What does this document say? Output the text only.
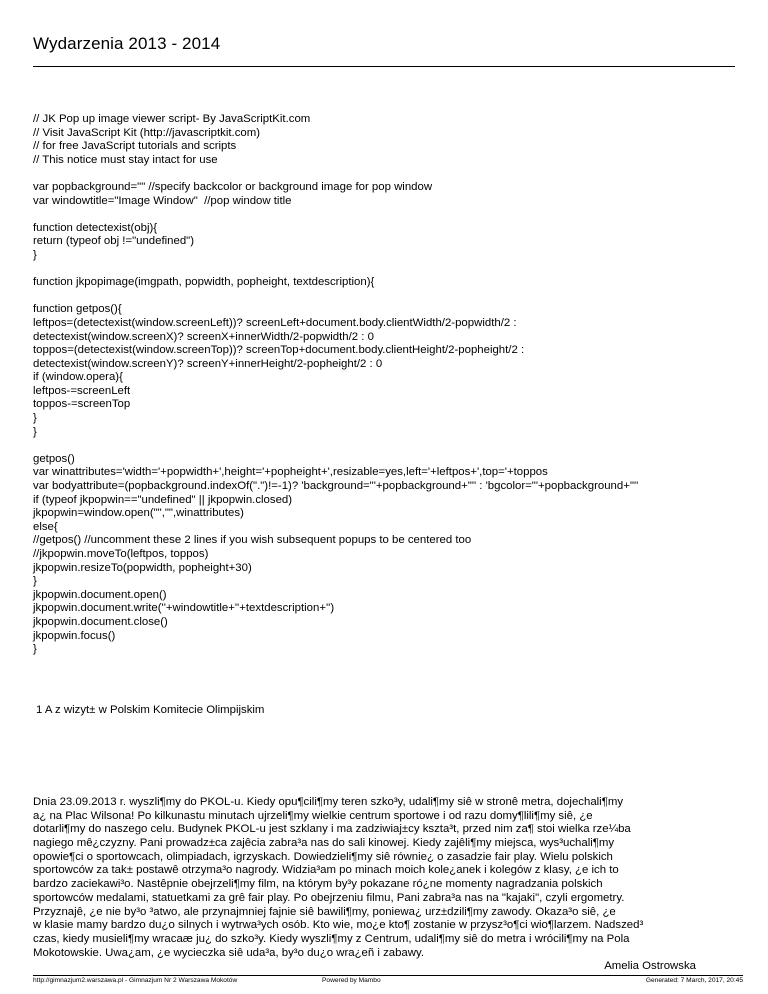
Wydarzenia 2013 - 2014
// JK Pop up image viewer script- By JavaScriptKit.com
// Visit JavaScript Kit (http://javascriptkit.com)
// for free JavaScript tutorials and scripts
// This notice must stay intact for use
var popbackground="" //specify backcolor or background image for pop window
var windowtitle="Image Window"  //pop window title
function detectexist(obj){
return (typeof obj !="undefined")
}
function jkpopimage(imgpath, popwidth, popheight, textdescription){
function getpos(){
leftpos=(detectexist(window.screenLeft))? screenLeft+document.body.clientWidth/2-popwidth/2 :
detectexist(window.screenX)? screenX+innerWidth/2-popwidth/2 : 0
toppos=(detectexist(window.screenTop))? screenTop+document.body.clientHeight/2-popheight/2 :
detectexist(window.screenY)? screenY+innerHeight/2-popheight/2 : 0
if (window.opera){
leftpos-=screenLeft
toppos-=screenTop
}
}
getpos()
var winattributes='width='+popwidth+',height='+popheight+',resizable=yes,left='+leftpos+',top='+toppos
var bodyattribute=(popbackground.indexOf(".")!=-1)? 'background="'+popbackground+'"' : 'bgcolor="'+popbackground+'"'
if (typeof jkpopwin=="undefined" || jkpopwin.closed)
jkpopwin=window.open("","",winattributes)
else{
//getpos() //uncomment these 2 lines if you wish subsequent popups to be centered too
//jkpopwin.moveTo(leftpos, toppos)
jkpopwin.resizeTo(popwidth, popheight+30)
}
jkpopwin.document.open()
jkpopwin.document.write(''+windowtitle+''+textdescription+'')
jkpopwin.document.close()
jkpopwin.focus()
}
1 A z wizyt± w Polskim Komitecie Olimpijskim
Dnia 23.09.2013 r. wyszli¶my do PKOL-u. Kiedy opu¶cili¶my teren szko³y, udali¶my siê w stronê metra, dojechali¶my
a¿ na Plac Wilsona! Po kilkunastu minutach ujrzeli¶my wielkie centrum sportowe i od razu domy¶lili¶my siê, ¿e
dotarli¶my do naszego celu. Budynek PKOL-u jest szklany i ma zadziwiaj±cy kszta³t, przed nim za¶ stoi wielka rze¼ba
nagiego mê¿czyzny. Pani prowadz±ca zajêcia zabra³a nas do sali kinowej. Kiedy zajêli¶my miejsca, wys³uchali¶my
opowie¶ci o sportowcach, olimpiadach, igrzyskach. Dowiedzieli¶my siê równie¿ o zasadzie fair play. Wielu polskich
sportowców za tak± postawê otrzyma³o nagrody. Widzia³am po minach moich kole¿anek i kolegów z klasy, ¿e ich to
bardzo zaciekawi³o. Nastêpnie obejrzeli¶my film, na którym by³y pokazane ró¿ne momenty nagradzania polskich
sportowców medalami, statuetkami za grê fair play. Po obejrzeniu filmu, Pani zabra³a nas na "kajaki", czyli ergometry.
Przyznajê, ¿e nie by³o ³atwo, ale przynajmniej fajnie siê bawili¶my, poniewa¿ urz±dzili¶my zawody. Okaza³o siê, ¿e
w klasie mamy bardzo du¿o silnych i wytrwa³ych osób. Kto wie, mo¿e kto¶ zostanie w przysz³o¶ci wio¶larzem. Nadszed³
czas, kiedy musieli¶my wracaæ ju¿ do szko³y. Kiedy wyszli¶my z Centrum, udali¶my siê do metra i wrócili¶my na Pola
Mokotowskie. Uwa¿am, ¿e wycieczka siê uda³a, by³o du¿o wra¿eñ i zabawy.
Amelia Ostrowska
http://gimnazjum2.warszawa.pl - Gimnazjum Nr 2 Warszawa Mokotów	Powered by Mambo	Generated: 7 March, 2017, 20:45
